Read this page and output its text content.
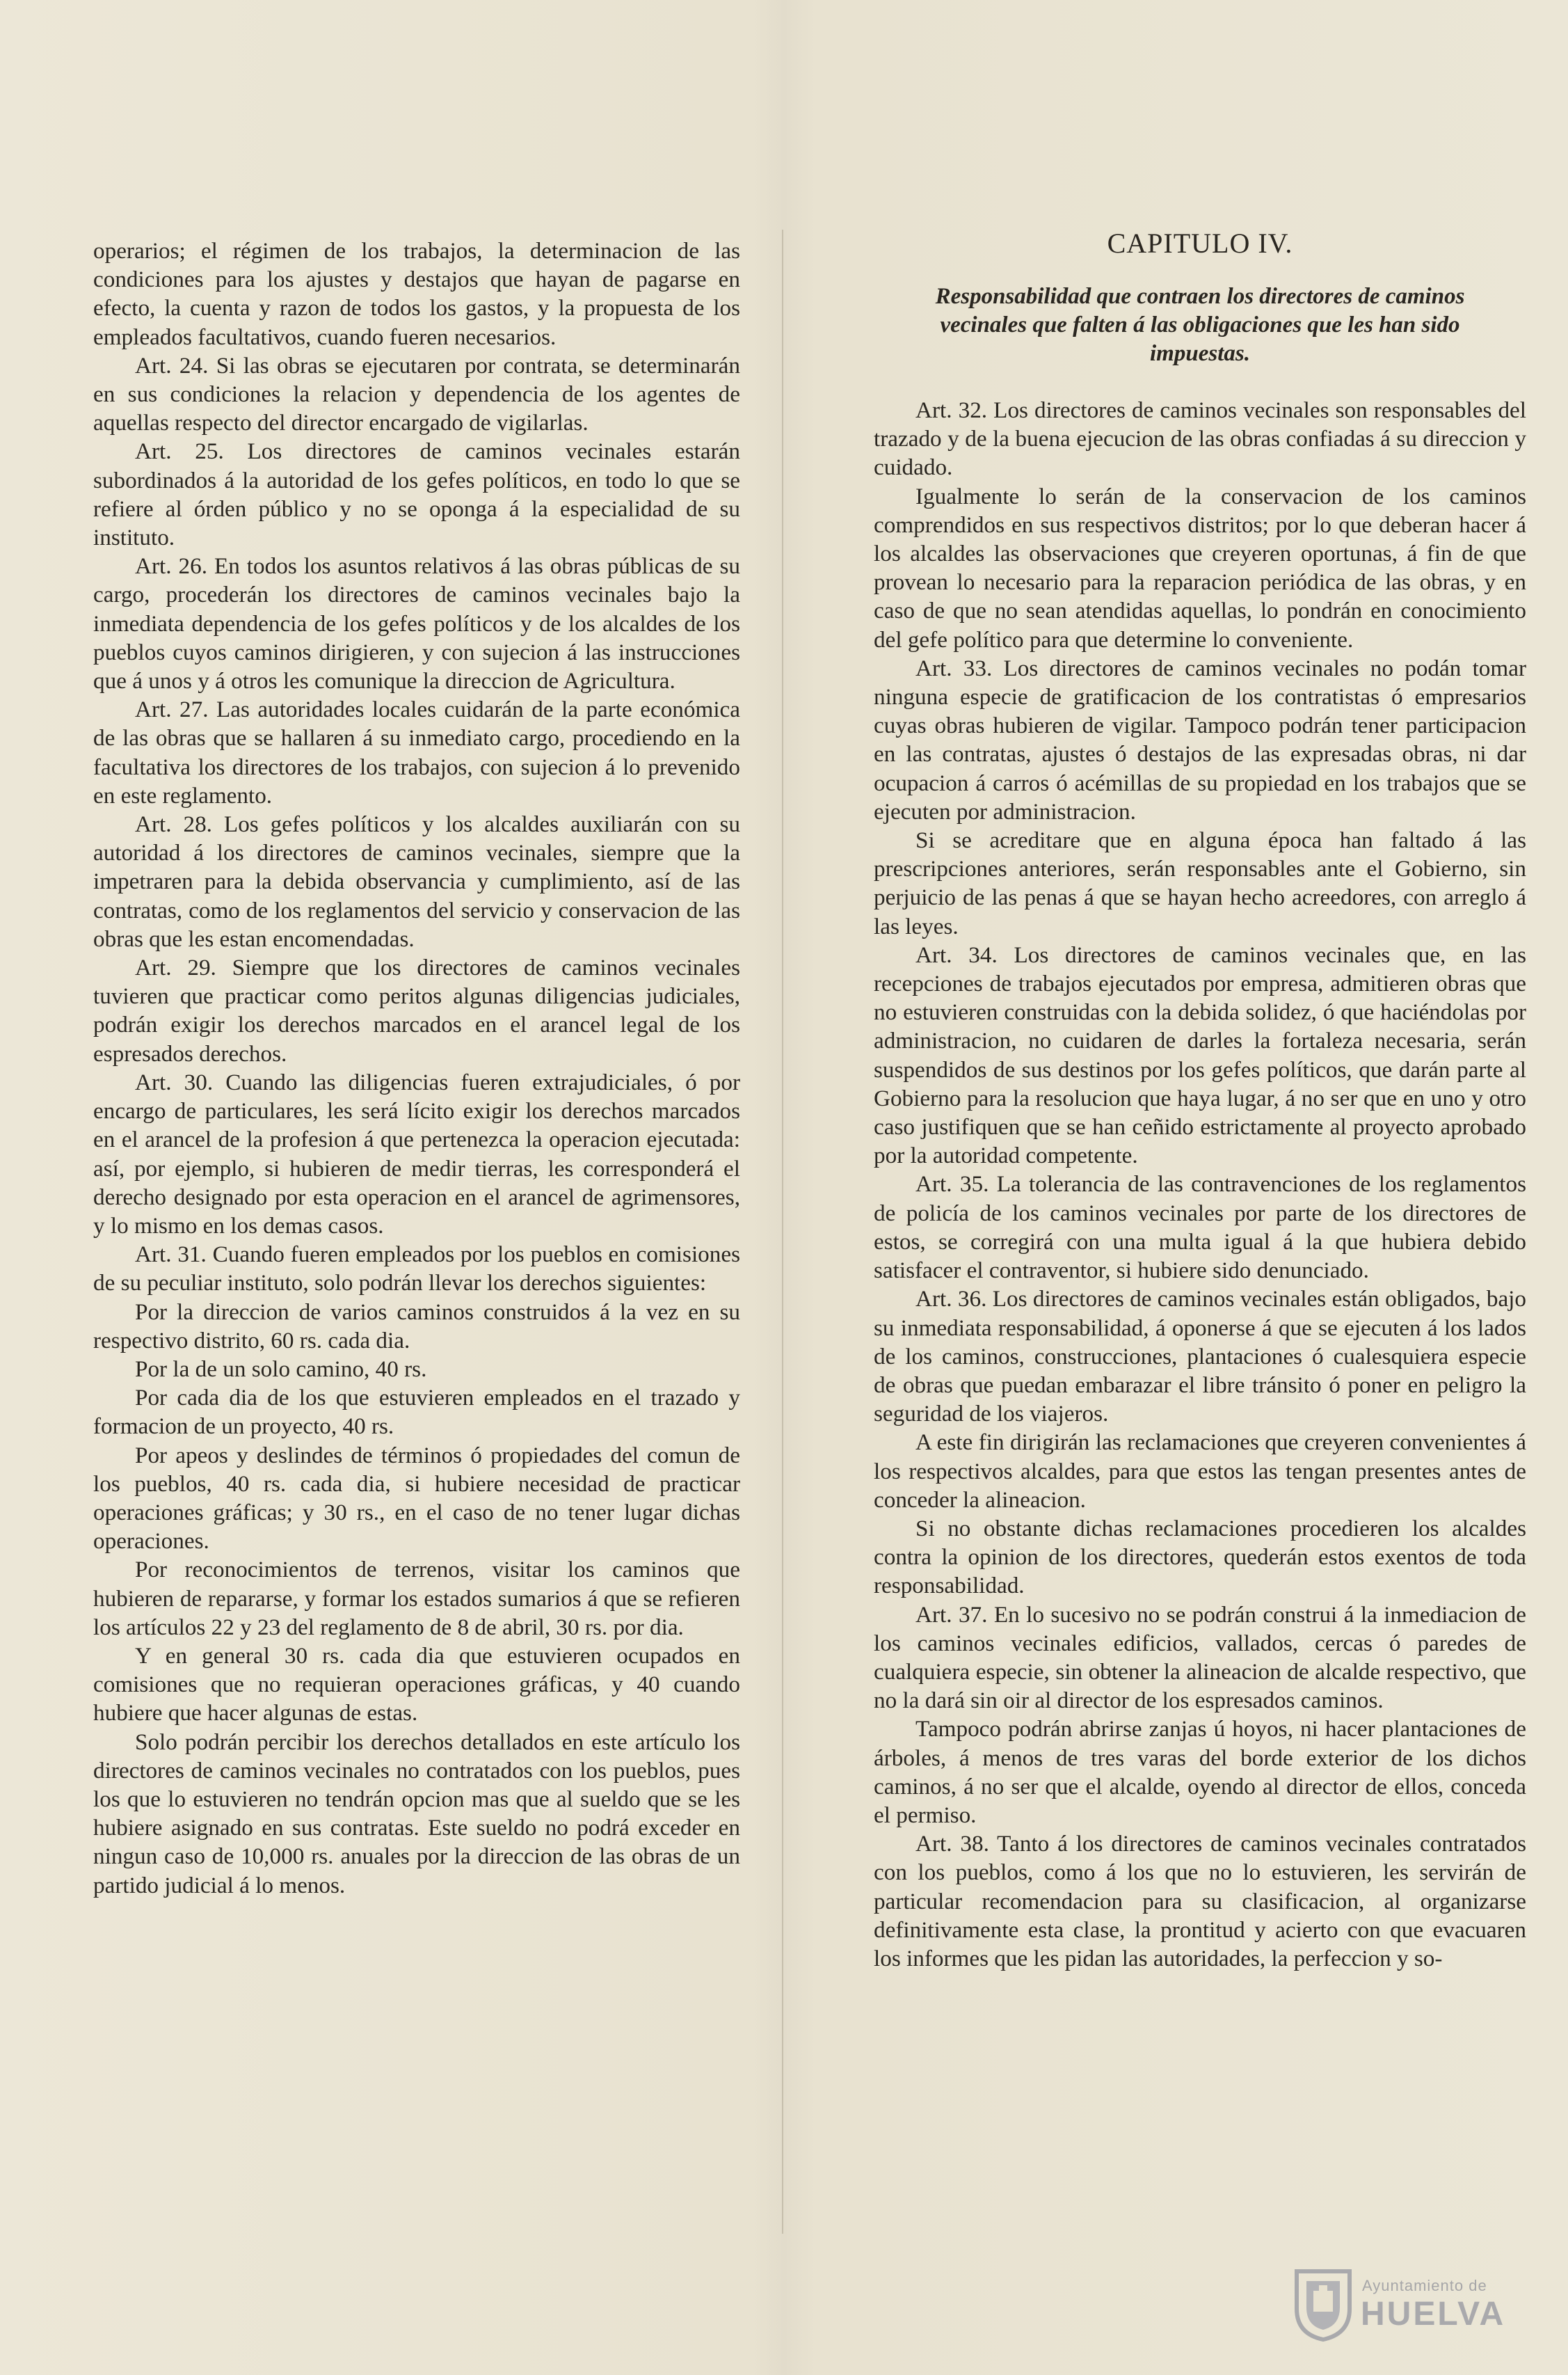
operarios; el régimen de los trabajos, la determinacion de las condiciones para los ajustes y destajos que hayan de pagarse en efecto, la cuenta y razon de todos los gastos, y la propuesta de los empleados facultativos, cuando fueren necesarios.

Art. 24. Si las obras se ejecutaren por contrata, se determinarán en sus condiciones la relacion y dependencia de los agentes de aquellas respecto del director encargado de vigilarlas.

Art. 25. Los directores de caminos vecinales estarán subordinados á la autoridad de los gefes políticos, en todo lo que se refiere al órden público y no se oponga á la especialidad de su instituto.

Art. 26. En todos los asuntos relativos á las obras públicas de su cargo, procederán los directores de caminos vecinales bajo la inmediata dependencia de los gefes políticos y de los alcaldes de los pueblos cuyos caminos dirigieren, y con sujecion á las instrucciones que á unos y á otros les comunique la direccion de Agricultura.

Art. 27. Las autoridades locales cuidarán de la parte económica de las obras que se hallaren á su inmediato cargo, procediendo en la facultativa los directores de los trabajos, con sujecion á lo prevenido en este reglamento.

Art. 28. Los gefes políticos y los alcaldes auxiliarán con su autoridad á los directores de caminos vecinales, siempre que la impetraren para la debida observancia y cumplimiento, así de las contratas, como de los reglamentos del servicio y conservacion de las obras que les estan encomendadas.

Art. 29. Siempre que los directores de caminos vecinales tuvieren que practicar como peritos algunas diligencias judiciales, podrán exigir los derechos marcados en el arancel legal de los espresados derechos.

Art. 30. Cuando las diligencias fueren extrajudiciales, ó por encargo de particulares, les será lícito exigir los derechos marcados en el arancel de la profesion á que pertenezca la operacion ejecutada: así, por ejemplo, si hubieren de medir tierras, les corresponderá el derecho designado por esta operacion en el arancel de agrimensores, y lo mismo en los demas casos.

Art. 31. Cuando fueren empleados por los pueblos en comisiones de su peculiar instituto, solo podrán llevar los derechos siguientes:

Por la direccion de varios caminos construidos á la vez en su respectivo distrito, 60 rs. cada dia.

Por la de un solo camino, 40 rs.

Por cada dia de los que estuvieren empleados en el trazado y formacion de un proyecto, 40 rs.

Por apeos y deslindes de términos ó propiedades del comun de los pueblos, 40 rs. cada dia, si hubiere necesidad de practicar operaciones gráficas; y 30 rs., en el caso de no tener lugar dichas operaciones.

Por reconocimientos de terrenos, visitar los caminos que hubieren de repararse, y formar los estados sumarios á que se refieren los artículos 22 y 23 del reglamento de 8 de abril, 30 rs. por dia.

Y en general 30 rs. cada dia que estuvieren ocupados en comisiones que no requieran operaciones gráficas, y 40 cuando hubiere que hacer algunas de estas.

Solo podrán percibir los derechos detallados en este artículo los directores de caminos vecinales no contratados con los pueblos, pues los que lo estuvieren no tendrán opcion mas que al sueldo que se les hubiere asignado en sus contratas. Este sueldo no podrá exceder en ningun caso de 10,000 rs. anuales por la direccion de las obras de un partido judicial á lo menos.

CAPITULO IV.
Responsabilidad que contraen los directores de caminos vecinales que falten á las obligaciones que les han sido impuestas.

Art. 32. Los directores de caminos vecinales son responsables del trazado y de la buena ejecucion de las obras confiadas á su direccion y cuidado.

Igualmente lo serán de la conservacion de los caminos comprendidos en sus respectivos distritos; por lo que deberan hacer á los alcaldes las observaciones que creyeren oportunas, á fin de que provean lo necesario para la reparacion periódica de las obras, y en caso de que no sean atendidas aquellas, lo pondrán en conocimiento del gefe político para que determine lo conveniente.

Art. 33. Los directores de caminos vecinales no podán tomar ninguna especie de gratificacion de los contratistas ó empresarios cuyas obras hubieren de vigilar. Tampoco podrán tener participacion en las contratas, ajustes ó destajos de las expresadas obras, ni dar ocupacion á carros ó acémillas de su propiedad en los trabajos que se ejecuten por administracion.

Si se acreditare que en alguna época han faltado á las prescripciones anteriores, serán responsables ante el Gobierno, sin perjuicio de las penas á que se hayan hecho acreedores, con arreglo á las leyes.

Art. 34. Los directores de caminos vecinales que, en las recepciones de trabajos ejecutados por empresa, admitieren obras que no estuvieren construidas con la debida solidez, ó que haciéndolas por administracion, no cuidaren de darles la fortaleza necesaria, serán suspendidos de sus destinos por los gefes políticos, que darán parte al Gobierno para la resolucion que haya lugar, á no ser que en uno y otro caso justifiquen que se han ceñido estrictamente al proyecto aprobado por la autoridad competente.

Art. 35. La tolerancia de las contravenciones de los reglamentos de policía de los caminos vecinales por parte de los directores de estos, se corregirá con una multa igual á la que hubiera debido satisfacer el contraventor, si hubiere sido denunciado.

Art. 36. Los directores de caminos vecinales están obligados, bajo su inmediata responsabilidad, á oponerse á que se ejecuten á los lados de los caminos, construcciones, plantaciones ó cualesquiera especie de obras que puedan embarazar el libre tránsito ó poner en peligro la seguridad de los viajeros.

A este fin dirigirán las reclamaciones que creyeren convenientes á los respectivos alcaldes, para que estos las tengan presentes antes de conceder la alineacion.

Si no obstante dichas reclamaciones procedieren los alcaldes contra la opinion de los directores, quederán estos exentos de toda responsabilidad.

Art. 37. En lo sucesivo no se podrán construi á la inmediacion de los caminos vecinales edificios, vallados, cercas ó paredes de cualquiera especie, sin obtener la alineacion de alcalde respectivo, que no la dará sin oir al director de los espresados caminos.

Tampoco podrán abrirse zanjas ú hoyos, ni hacer plantaciones de árboles, á menos de tres varas del borde exterior de los dichos caminos, á no ser que el alcalde, oyendo al director de ellos, conceda el permiso.

Art. 38. Tanto á los directores de caminos vecinales contratados con los pueblos, como á los que no lo estuvieren, les servirán de particular recomendacion para su clasificacion, al organizarse definitivamente esta clase, la prontitud y acierto con que evacuaren los informes que les pidan las autoridades, la perfeccion y so-

Ayuntamiento de
HUELVA
